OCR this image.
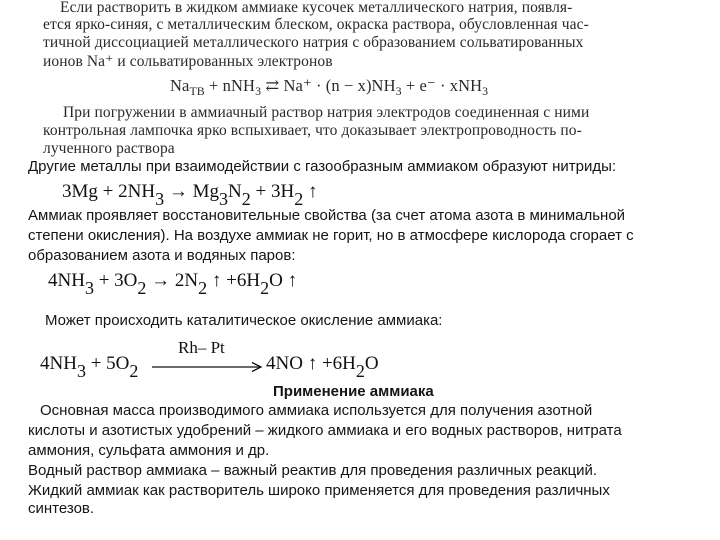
Если растворить в жидком аммиаке кусочек металлического натрия, появля-
ется ярко-синяя, с металлическим блеском, окраска раствора, обусловленная час-
тичной диссоциацией металлического натрия с образованием сольватированных
ионов Na⁺ и сольватированных электронов
$Na_{ТВ} + nNH_3$ ⇄ $Na^+ \cdot (n - x)NH_3 + e^- \cdot xNH_3$
При погружении в аммиачный раствор натрия электродов соединенная с ними
контрольная лампочка ярко вспыхивает, что доказывает электропроводность по-
лученного раствора
Другие металлы при взаимодействии с газообразным аммиаком образуют нитриды:
3Mg + 2NH3 → Mg3N2 + 3H2 ↑
Аммиак проявляет восстановительные свойства (за счет атома азота в минимальной
степени окисления). На воздухе аммиак не горит, но в атмосфере кислорода сгорает с
образованием азота и водяных паров:
4NH3 + 3O2 → 2N2 ↑ +6H2O ↑
Может происходить каталитическое окисление аммиака:
4NH3 + 5O2
Rh– Pt
4NO ↑ +6H2O
Применение аммиака
Основная масса производимого аммиака используется для получения азотной
кислоты и азотистых удобрений – жидкого аммиака и его водных растворов, нитрата
аммония, сульфата аммония и др.
Водный раствор аммиака – важный реактив для проведения различных реакций.
Жидкий аммиак как растворитель широко применяется для проведения различных
синтезов.
